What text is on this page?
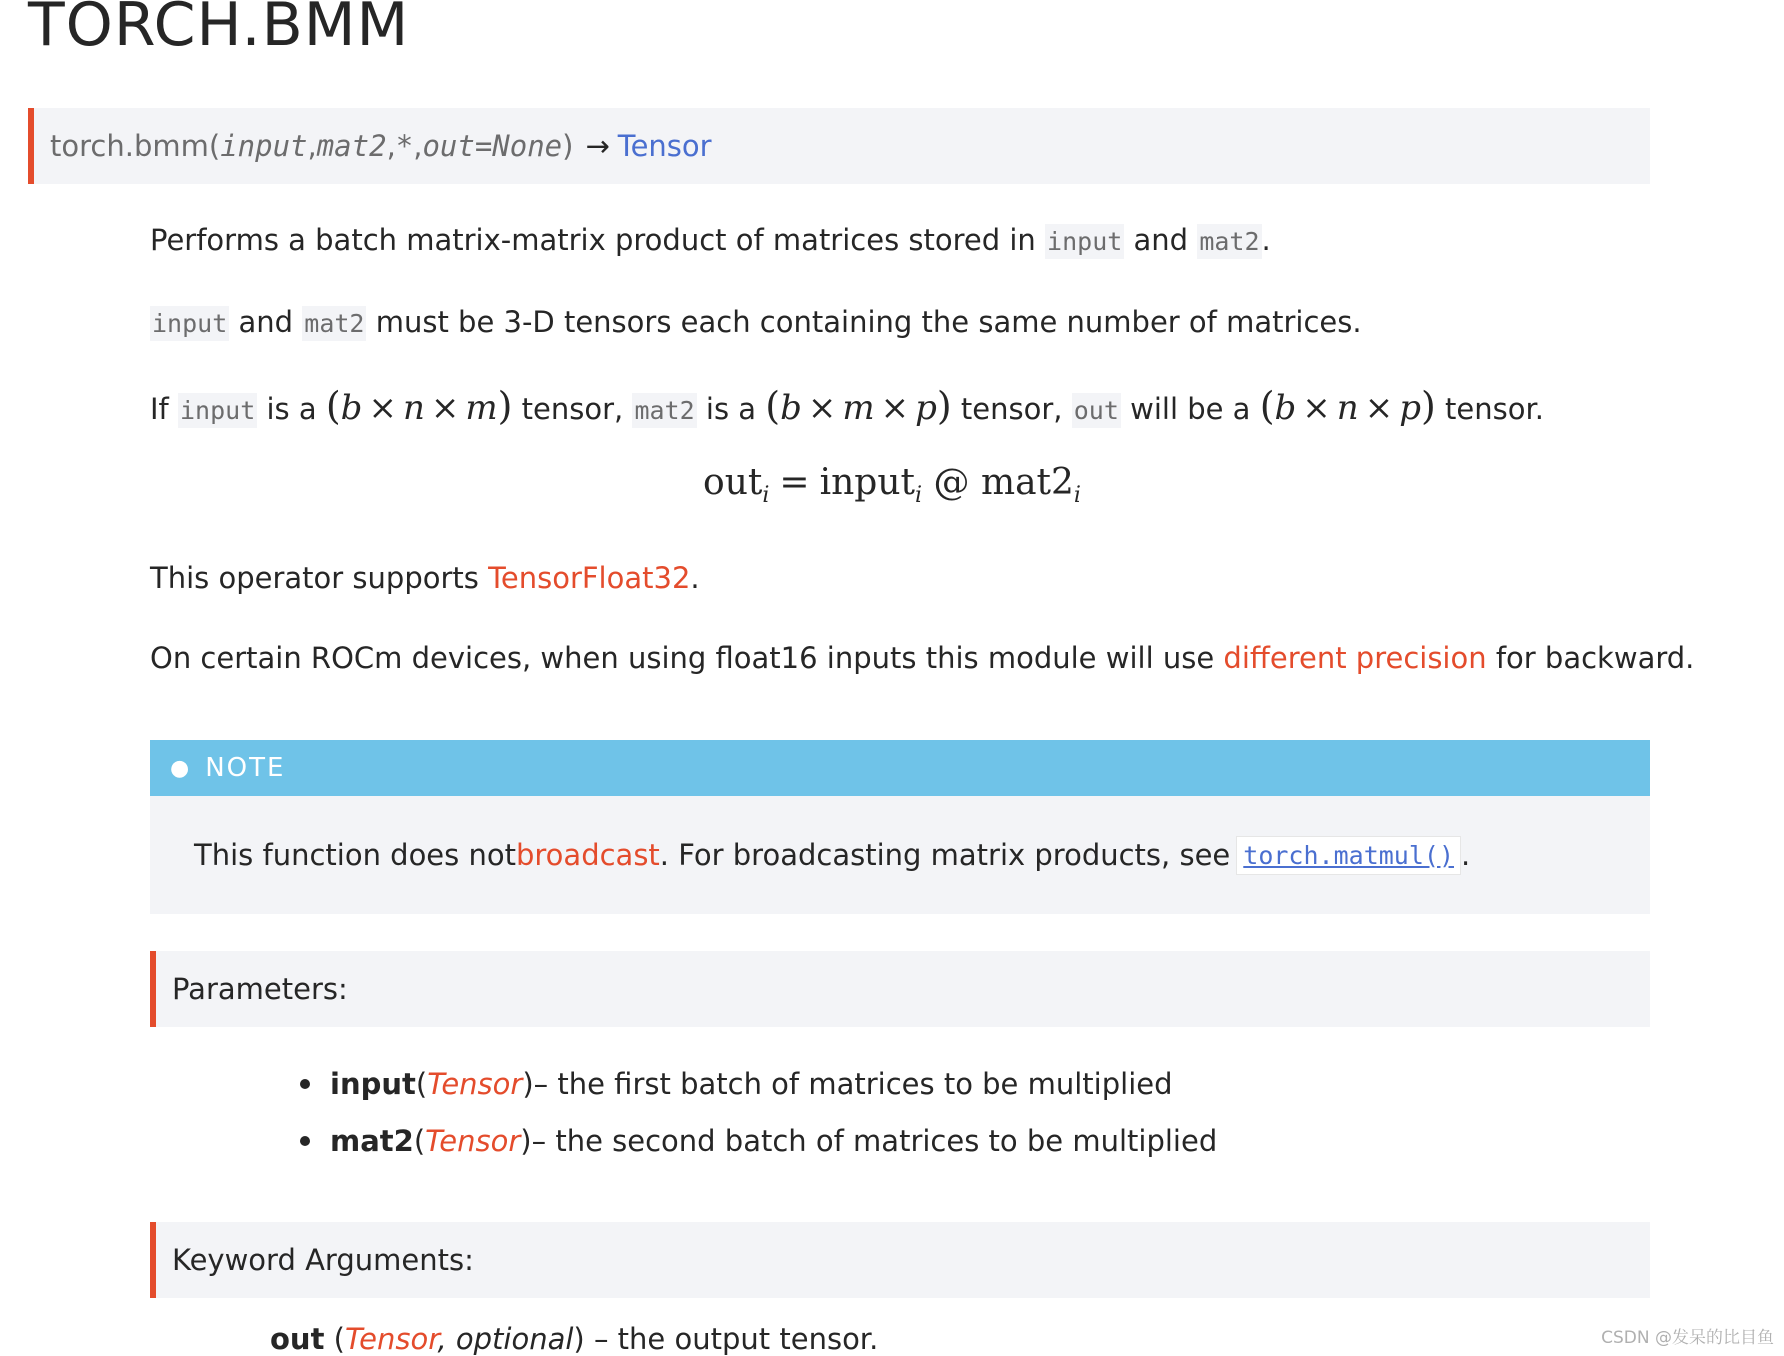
TORCH.BMM
torch.bmm ( input , mat2 , * , out=None ) → Tensor

Performs a batch matrix-matrix product of matrices stored in input and mat2.

input and mat2 must be 3-D tensors each containing the same number of matrices.

If input is a (b × n × m) tensor, mat2 is a (b × m × p) tensor, out will be a (b × n × p) tensor.

out$_i$ = input$_i$ @ $mat2_i$

This operator supports TensorFloat32.

On certain ROCm devices, when using float16 inputs this module will use different precision for backward.

● NOTE
This function does not broadcast . For broadcasting matrix products, see torch.matmul() .
Parameters:
input ( Tensor ) – the first batch of matrices to be multiplied
mat2 ( Tensor ) – the second batch of matrices to be multiplied
Keyword Arguments:

out (Tensor, optional) – the output tensor.	CSDN @发呆的比目鱼
